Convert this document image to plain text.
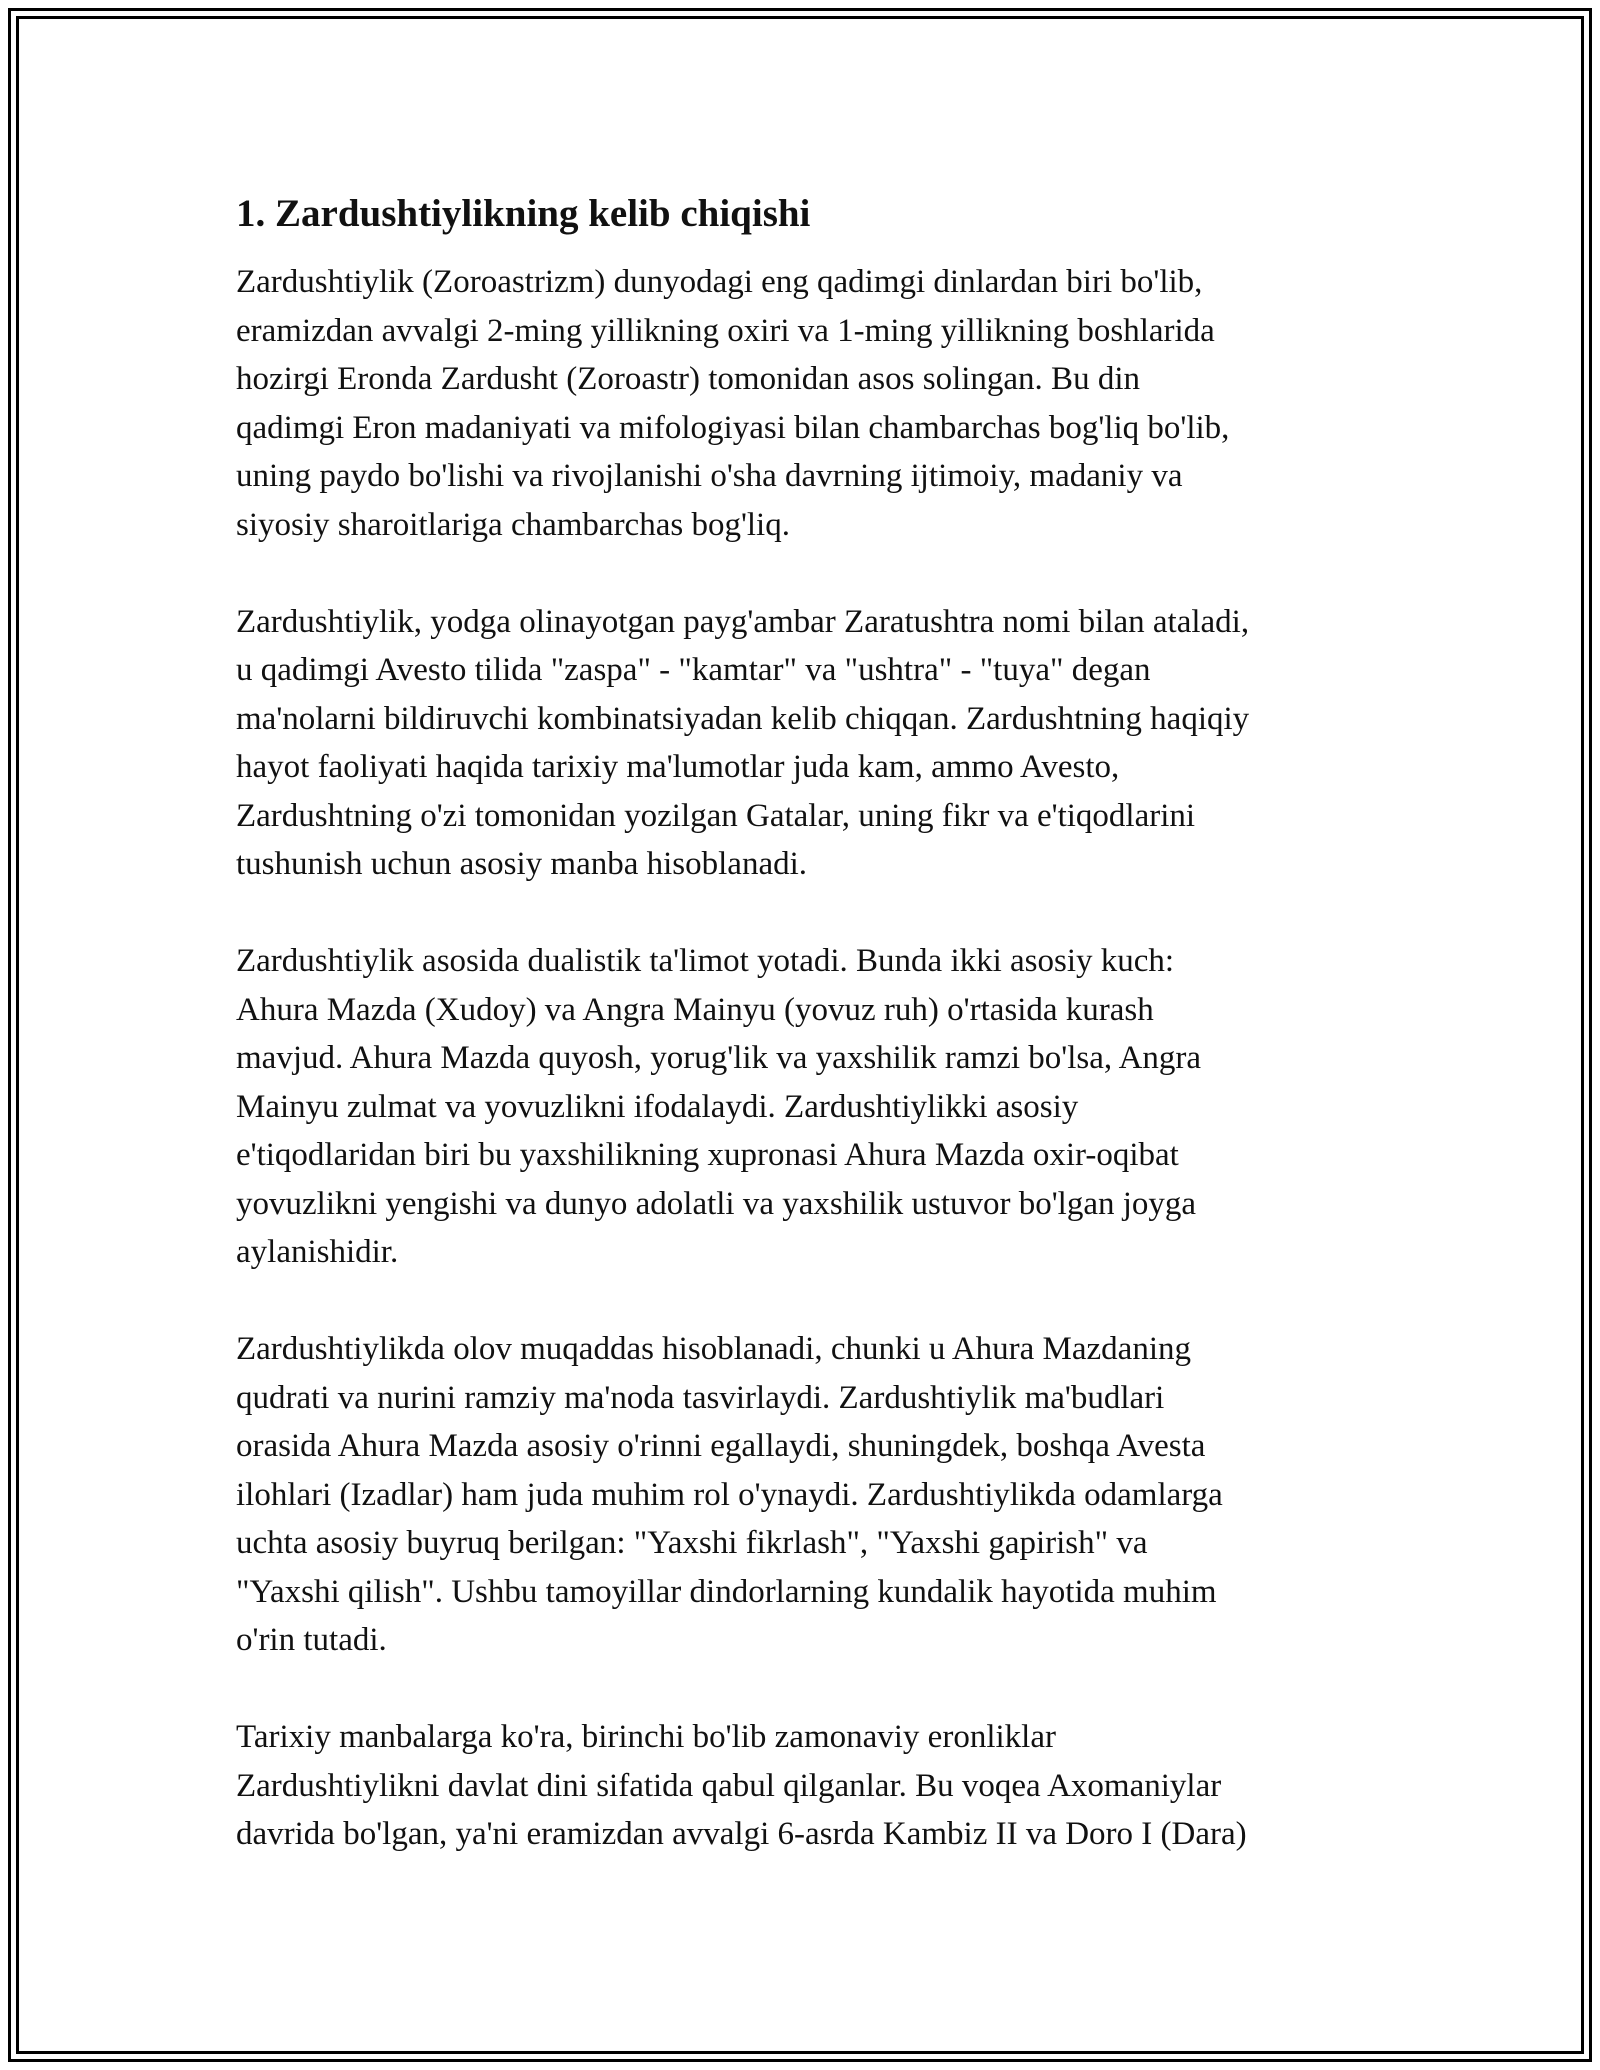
1. Zardushtiylikning kelib chiqishi

Zardushtiylik (Zoroastrizm) dunyodagi eng qadimgi dinlardan biri bo'lib,
eramizdan avvalgi 2-ming yillikning oxiri va 1-ming yillikning boshlarida
hozirgi Eronda Zardusht (Zoroastr) tomonidan asos solingan. Bu din
qadimgi Eron madaniyati va mifologiyasi bilan chambarchas bog'liq bo'lib,
uning paydo bo'lishi va rivojlanishi o'sha davrning ijtimoiy, madaniy va
siyosiy sharoitlariga chambarchas bog'liq.

Zardushtiylik, yodga olinayotgan payg'ambar Zaratushtra nomi bilan ataladi,
u qadimgi Avesto tilida "zaspa" - "kamtar" va "ushtra" - "tuya" degan
ma'nolarni bildiruvchi kombinatsiyadan kelib chiqqan. Zardushtning haqiqiy
hayot faoliyati haqida tarixiy ma'lumotlar juda kam, ammo Avesto,
Zardushtning o'zi tomonidan yozilgan Gatalar, uning fikr va e'tiqodlarini
tushunish uchun asosiy manba hisoblanadi.

Zardushtiylik asosida dualistik ta'limot yotadi. Bunda ikki asosiy kuch:
Ahura Mazda (Xudoy) va Angra Mainyu (yovuz ruh) o'rtasida kurash
mavjud. Ahura Mazda quyosh, yorug'lik va yaxshilik ramzi bo'lsa, Angra
Mainyu zulmat va yovuzlikni ifodalaydi. Zardushtiylikki asosiy
e'tiqodlaridan biri bu yaxshilikning xupronasi Ahura Mazda oxir-oqibat
yovuzlikni yengishi va dunyo adolatli va yaxshilik ustuvor bo'lgan joyga
aylanishidir.

Zardushtiylikda olov muqaddas hisoblanadi, chunki u Ahura Mazdaning
qudrati va nurini ramziy ma'noda tasvirlaydi. Zardushtiylik ma'budlari
orasida Ahura Mazda asosiy o'rinni egallaydi, shuningdek, boshqa Avesta
ilohlari (Izadlar) ham juda muhim rol o'ynaydi. Zardushtiylikda odamlarga
uchta asosiy buyruq berilgan: "Yaxshi fikrlash", "Yaxshi gapirish" va
"Yaxshi qilish". Ushbu tamoyillar dindorlarning kundalik hayotida muhim
o'rin tutadi.

Tarixiy manbalarga ko'ra, birinchi bo'lib zamonaviy eronliklar
Zardushtiylikni davlat dini sifatida qabul qilganlar. Bu voqea Axomaniylar
davrida bo'lgan, ya'ni eramizdan avvalgi 6-asrda Kambiz II va Doro I (Dara)
